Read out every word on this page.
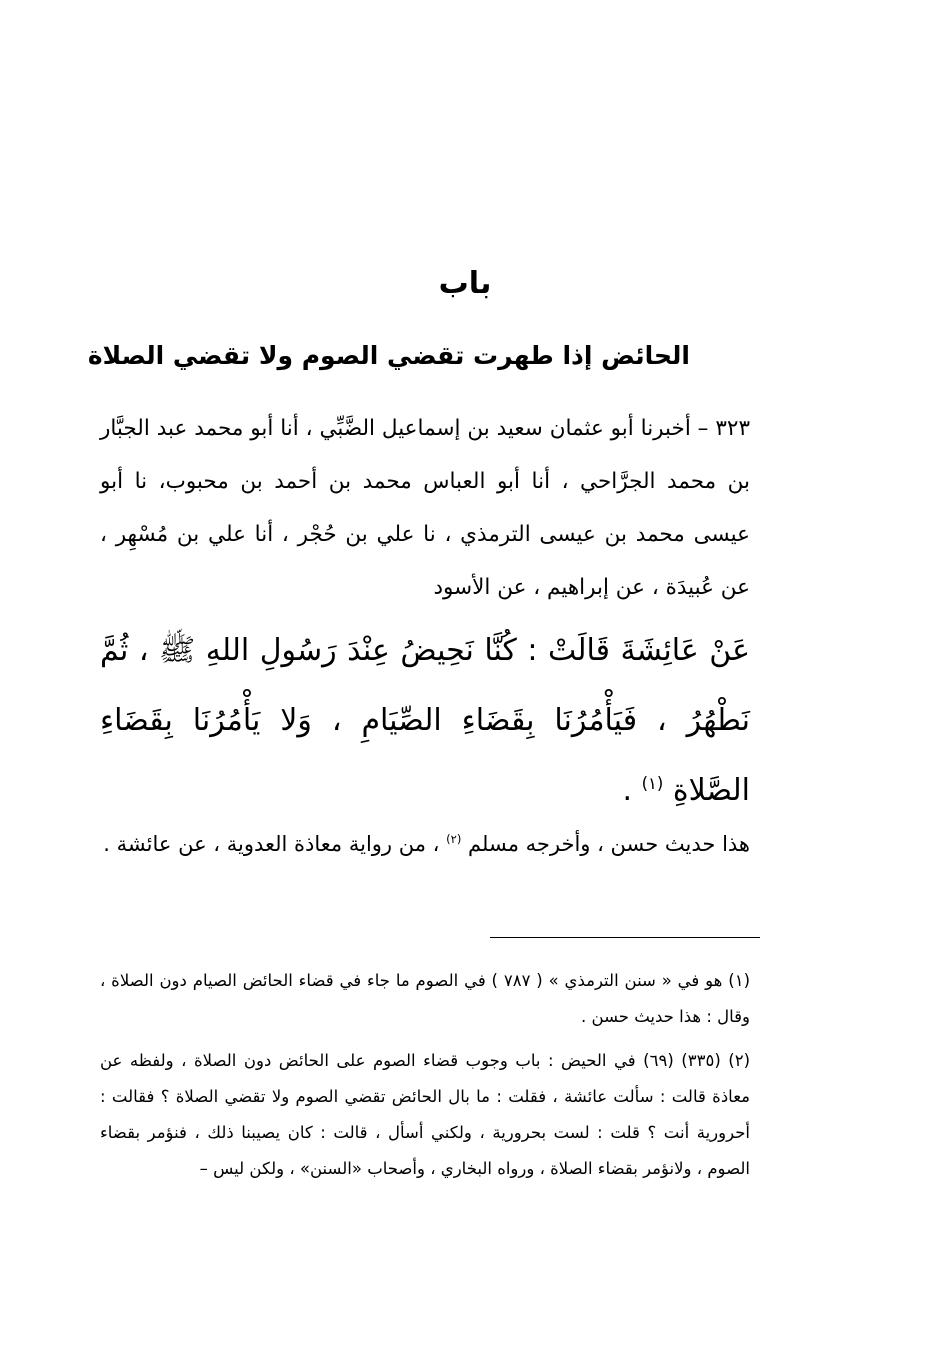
باب
الحائض إذا طهرت تقضي الصوم ولا تقضي الصلاة

٣٢٣ – أخبرنا أبو عثمان سعيد بن إسماعيل الضَّبِّي ، أنا أبو محمد عبد الجبَّار بن محمد الجرَّاحي ، أنا أبو العباس محمد بن أحمد بن محبوب، نا أبو عيسى محمد بن عيسى الترمذي ، نا علي بن حُجْر ، أنا علي بن مُسْهِر ، عن عُبيدَة ، عن إبراهيم ، عن الأسود

عَنْ عَائِشَةَ قَالَتْ : كُنَّا نَحِيضُ عِنْدَ رَسُولِ اللهِ ﷺ ، ثُمَّ نَطْهُرُ ، فَيَأْمُرُنَا بِقَضَاءِ الصِّيَامِ ، وَلا يَأْمُرُنَا بِقَضَاءِ الصَّلاةِ $^{(١)}$ .

هذا حديث حسن ، وأخرجه مسلم $^{(٢)}$ ، من رواية معاذة العدوية ، عن عائشة .

(١) هو في « سنن الترمذي » ( ٧٨٧ ) في الصوم ما جاء في قضاء الحائض الصيام دون الصلاة ، وقال : هذا حديث حسن .

(٢) (٣٣٥) (٦٩) في الحيض : باب وجوب قضاء الصوم على الحائض دون الصلاة ، ولفظه عن معاذة قالت : سألت عائشة ، فقلت : ما بال الحائض تقضي الصوم ولا تقضي الصلاة ؟ فقالت : أحرورية أنت ؟ قلت : لست بحرورية ، ولكني أسأل ، قالت : كان يصيبنا ذلك ، فنؤمر بقضاء الصوم ، ولانؤمر بقضاء الصلاة ، ورواه البخاري ، وأصحاب «السنن» ، ولكن ليس –
